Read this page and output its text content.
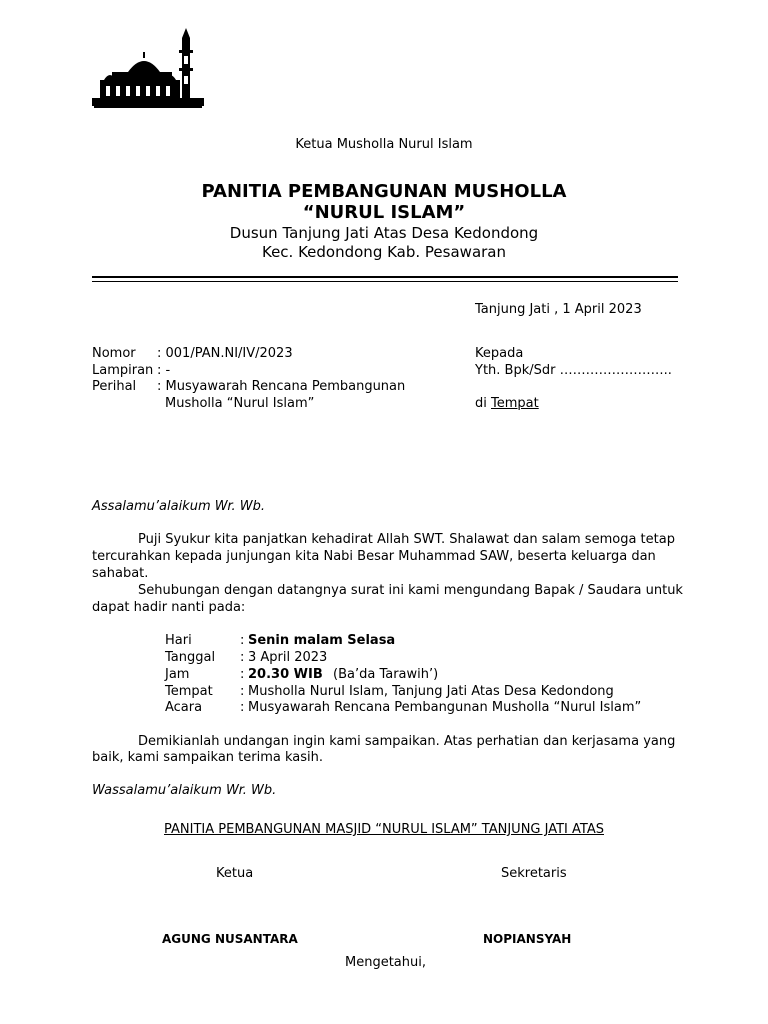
Ketua Musholla Nurul Islam
PANITIA PEMBANGUNAN MUSHOLLA
“NURUL ISLAM”
Dusun Tanjung Jati Atas Desa Kedondong
Kec. Kedondong Kab. Pesawaran
Tanjung Jati , 1 April 2023
Nomor : 001/PAN.NI/IV/2023
Lampiran : -
Perihal : Musyawarah Rencana Pembangunan
Musholla “Nurul Islam”
Kepada
Yth. Bpk/Sdr ……………………..
di Tempat
Assalamu’alaikum Wr. Wb.
Puji Syukur kita panjatkan kehadirat Allah SWT. Shalawat dan salam semoga tetap
tercurahkan kepada junjungan kita Nabi Besar Muhammad SAW, beserta keluarga dan
sahabat.
Sehubungan dengan datangnya surat ini kami mengundang Bapak / Saudara untuk
dapat hadir nanti pada:
Hari	: Senin malam Selasa
Tanggal : 3 April 2023
Jam	: 20.30 WIB (Ba’da Tarawih’)
Tempat : Musholla Nurul Islam, Tanjung Jati Atas Desa Kedondong
Acara	: Musyawarah Rencana Pembangunan Musholla “Nurul Islam”
Demikianlah undangan ingin kami sampaikan. Atas perhatian dan kerjasama yang
baik, kami sampaikan terima kasih.
Wassalamu’alaikum Wr. Wb.
PANITIA PEMBANGUNAN MASJID “NURUL ISLAM” TANJUNG JATI ATAS
Ketua	Sekretaris
AGUNG NUSANTARA	NOPIANSYAH
Mengetahui,
